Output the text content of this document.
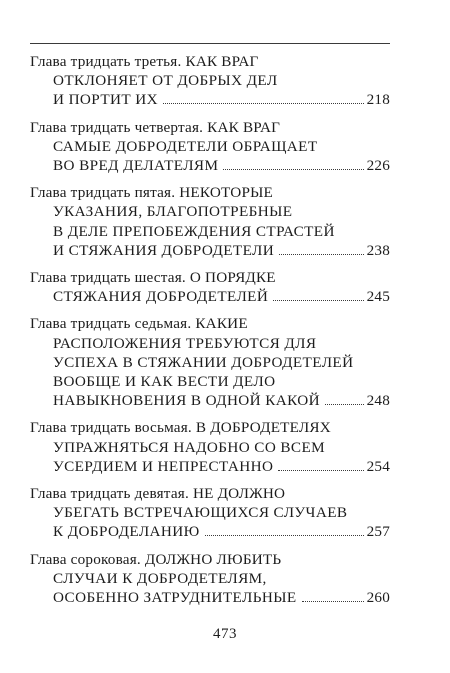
Глава тридцать третья. КАК ВРАГ
ОТКЛОНЯЕТ ОТ ДОБРЫХ ДЕЛ
И ПОРТИТ ИХ	218
Глава тридцать четвертая. КАК ВРАГ
САМЫЕ ДОБРОДЕТЕЛИ ОБРАЩАЕТ
ВО ВРЕД ДЕЛАТЕЛЯМ	226
Глава тридцать пятая. НЕКОТОРЫЕ
УКАЗАНИЯ, БЛАГОПОТРЕБНЫЕ
В ДЕЛЕ ПРЕПОБЕЖДЕНИЯ СТРАСТЕЙ
И СТЯЖАНИЯ ДОБРОДЕТЕЛИ	238
Глава тридцать шестая. О ПОРЯДКЕ
СТЯЖАНИЯ ДОБРОДЕТЕЛЕЙ	245
Глава тридцать седьмая. КАКИЕ
РАСПОЛОЖЕНИЯ ТРЕБУЮТСЯ ДЛЯ
УСПЕХА В СТЯЖАНИИ ДОБРОДЕТЕЛЕЙ
ВООБЩЕ И КАК ВЕСТИ ДЕЛО
НАВЫКНОВЕНИЯ В ОДНОЙ КАКОЙ	248
Глава тридцать восьмая. В ДОБРОДЕТЕЛЯХ
УПРАЖНЯТЬСЯ НАДОБНО СО ВСЕМ
УСЕРДИЕМ И НЕПРЕСТАННО	254
Глава тридцать девятая. НЕ ДОЛЖНО
УБЕГАТЬ ВСТРЕЧАЮЩИХСЯ СЛУЧАЕВ
К ДОБРОДЕЛАНИЮ	257
Глава сороковая. ДОЛЖНО ЛЮБИТЬ
СЛУЧАИ К ДОБРОДЕТЕЛЯМ,
ОСОБЕННО ЗАТРУДНИТЕЛЬНЫЕ	260
473
